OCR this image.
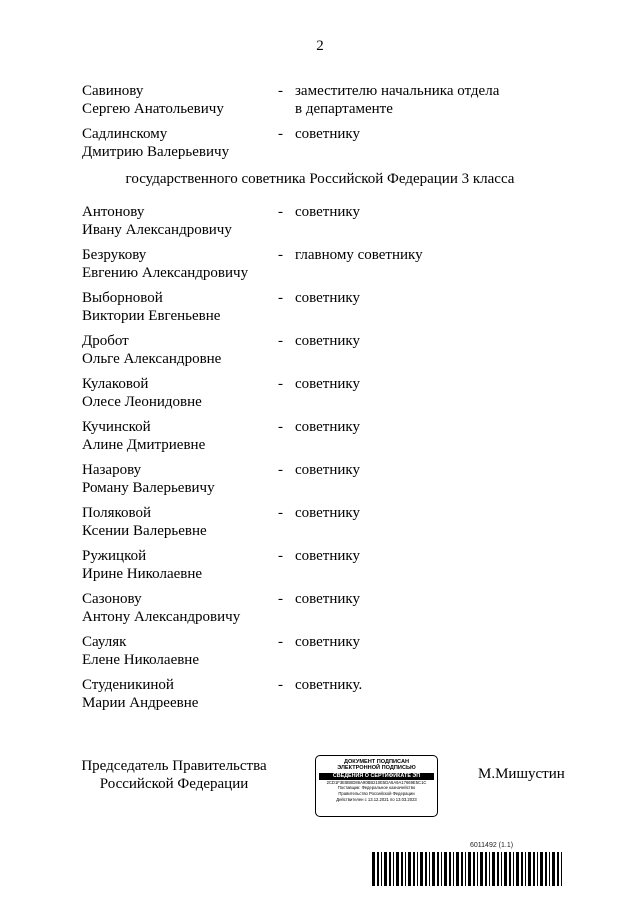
2
Савинову
Сергею Анатольевичу
- заместителю начальника отдела
в департаменте
Садлинскому
Дмитрию Валерьевичу
- советнику
государственного советника Российской Федерации 3 класса
Антонову
Ивану Александровичу
- советнику
Безрукову
Евгению Александровичу
- главному советнику
Выборновой
Виктории Евгеньевне
- советнику
Дробот
Ольге Александровне
- советнику
Кулаковой
Олесе Леонидовне
- советнику
Кучинской
Алине Дмитриевне
- советнику
Назарову
Роману Валерьевичу
- советнику
Поляковой
Ксении Валерьевне
- советнику
Ружицкой
Ирине Николаевне
- советнику
Сазонову
Антону Александровичу
- советнику
Сауляк
Елене Николаевне
- советнику
Студеникиной
Марии Андреевне
- советнику.
Председатель Правительства
Российской Федерации
ДОКУМЕНТ ПОДПИСАН
ЭЛЕКТРОННОЙ ПОДПИСЬЮ
СВЕДЕНИЯ О СЕРТИФИКАТЕ ЭП
2CD1F3E8B8D86A90BB210E5DA5A9A17669E5C1C
Поставщик: Федеральное казначейство
Правительство Российской Федерации
Действителен с 13.12.2021 по 13.03.2023
М.Мишустин
6011492 (1.1)
